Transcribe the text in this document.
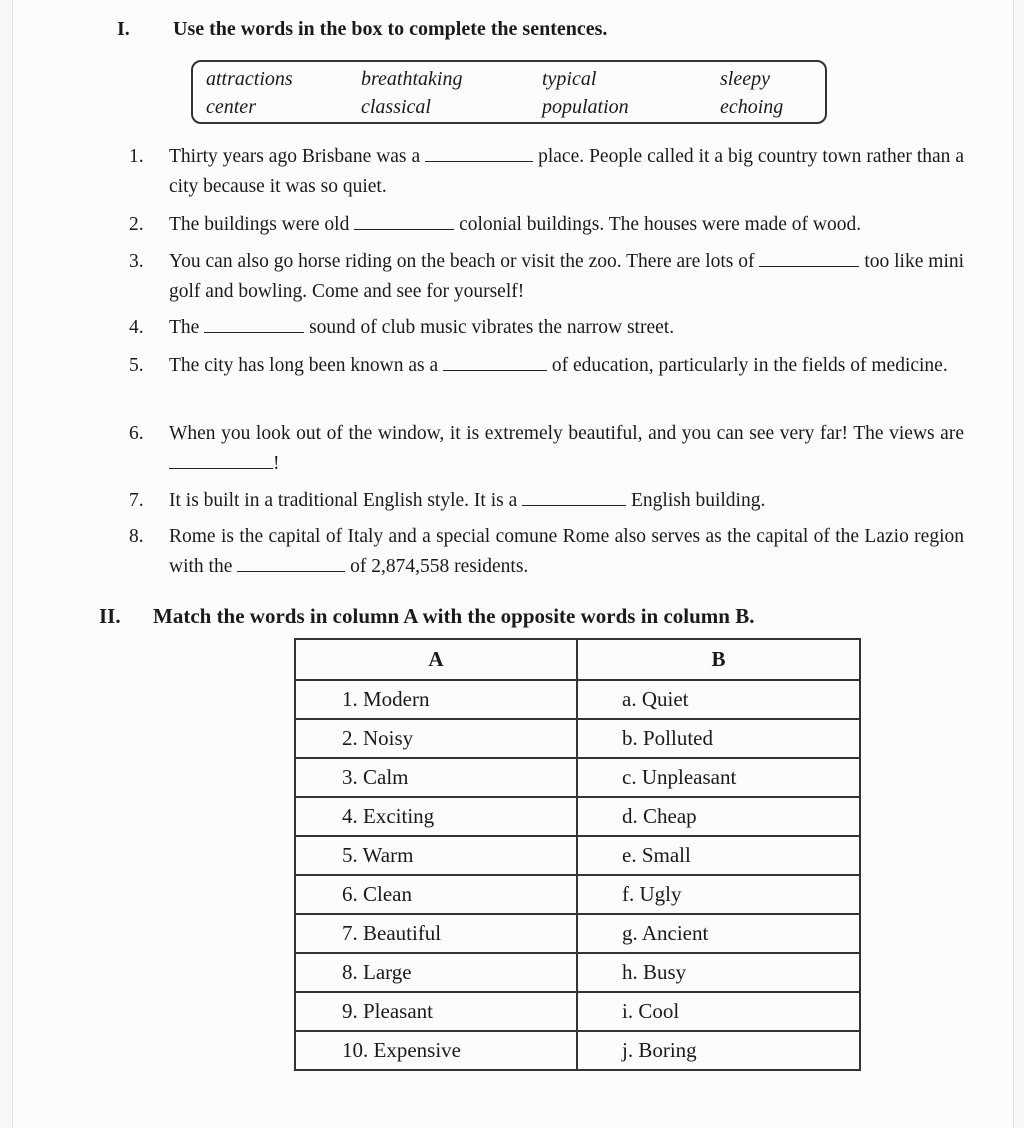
I. Use the words in the box to complete the sentences.
attractions	breathtaking	typical	sleepy
center	classical	population	echoing
1.	Thirty years ago Brisbane was a	place. People called it a big country town rather than a city because it was so quiet.
2.	The buildings were old	colonial buildings. The houses were made of wood.
3.	You can also go horse riding on the beach or visit the zoo. There are lots of	too like mini golf and bowling. Come and see for yourself!
4.	The	sound of club music vibrates the narrow street.
5.	The city has long been known as a	of education, particularly in the fields of medicine.
6.	When you look out of the window, it is extremely beautiful, and you can see very far! The views are !
7.	It is built in a traditional English style. It is a	English building.
8.	Rome is the capital of Italy and a special comune Rome also serves as the capital of the Lazio region with the	of 2,874,558 residents.
II. Match the words in column A with the opposite words in column B.
A	B
1. Modern	a. Quiet
2. Noisy	b. Polluted
3. Calm	c. Unpleasant
4. Exciting	d. Cheap
5. Warm	e. Small
6. Clean	f. Ugly
7. Beautiful	g. Ancient
8. Large	h. Busy
9. Pleasant	i. Cool
10. Expensive	j. Boring
